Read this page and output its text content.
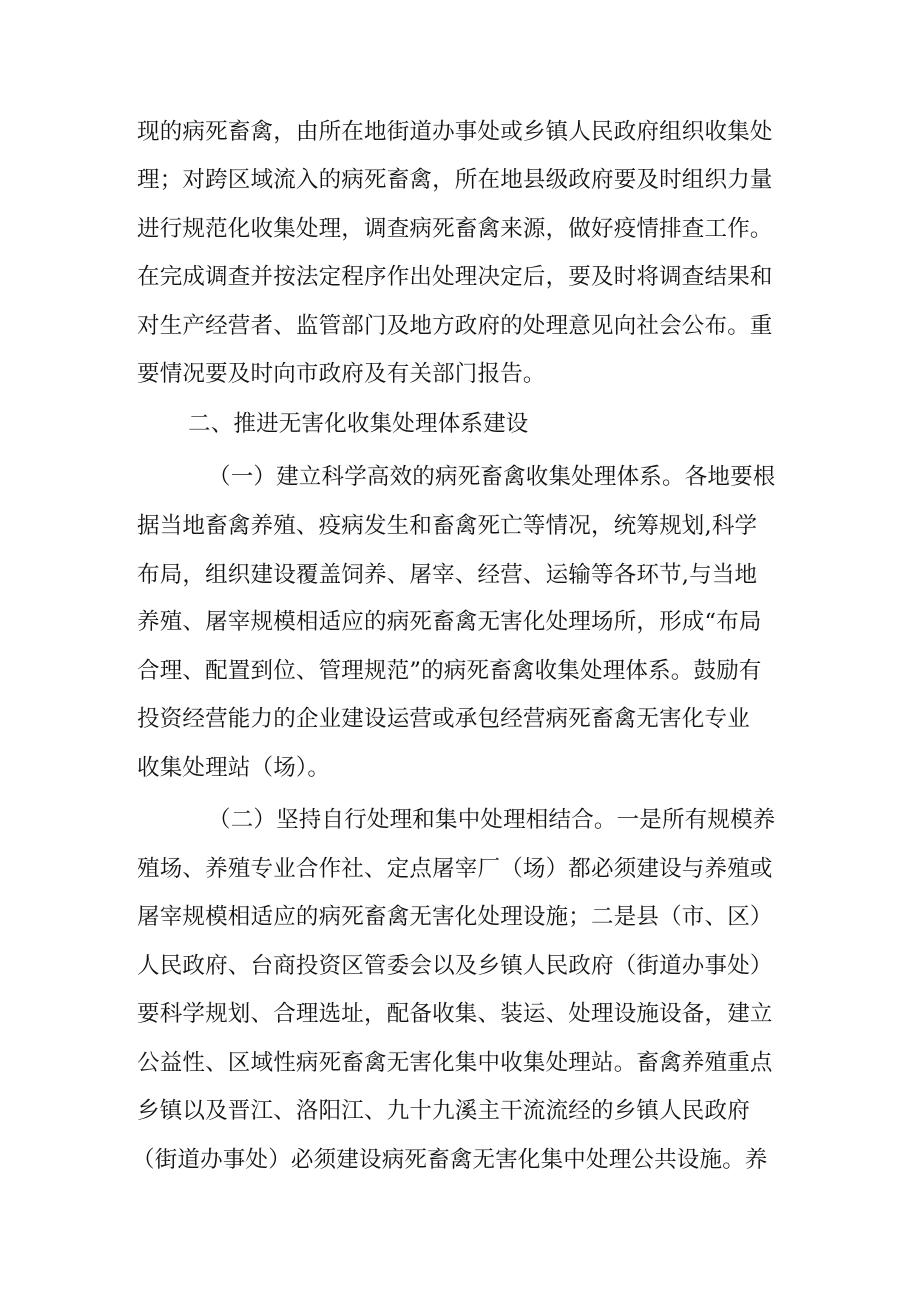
现的病死畜禽，由所在地街道办事处或乡镇人民政府组织收集处
理；对跨区域流入的病死畜禽，所在地县级政府要及时组织力量
进行规范化收集处理，调查病死畜禽来源，做好疫情排查工作。
在完成调查并按法定程序作出处理决定后，要及时将调查结果和
对生产经营者、监管部门及地方政府的处理意见向社会公布。重
要情况要及时向市政府及有关部门报告。
二、推进无害化收集处理体系建设
（一）建立科学高效的病死畜禽收集处理体系。各地要根
据当地畜禽养殖、疫病发生和畜禽死亡等情况，统筹规划,科学
布局，组织建设覆盖饲养、屠宰、经营、运输等各环节,与当地
养殖、屠宰规模相适应的病死畜禽无害化处理场所，形成“布局
合理、配置到位、管理规范”的病死畜禽收集处理体系。鼓励有
投资经营能力的企业建设运营或承包经营病死畜禽无害化专业
收集处理站（场）。
（二）坚持自行处理和集中处理相结合。一是所有规模养
殖场、养殖专业合作社、定点屠宰厂（场）都必须建设与养殖或
屠宰规模相适应的病死畜禽无害化处理设施；二是县（市、区）
人民政府、台商投资区管委会以及乡镇人民政府（街道办事处）
要科学规划、合理选址，配备收集、装运、处理设施设备，建立
公益性、区域性病死畜禽无害化集中收集处理站。畜禽养殖重点
乡镇以及晋江、洛阳江、九十九溪主干流流经的乡镇人民政府
（街道办事处）必须建设病死畜禽无害化集中处理公共设施。养
